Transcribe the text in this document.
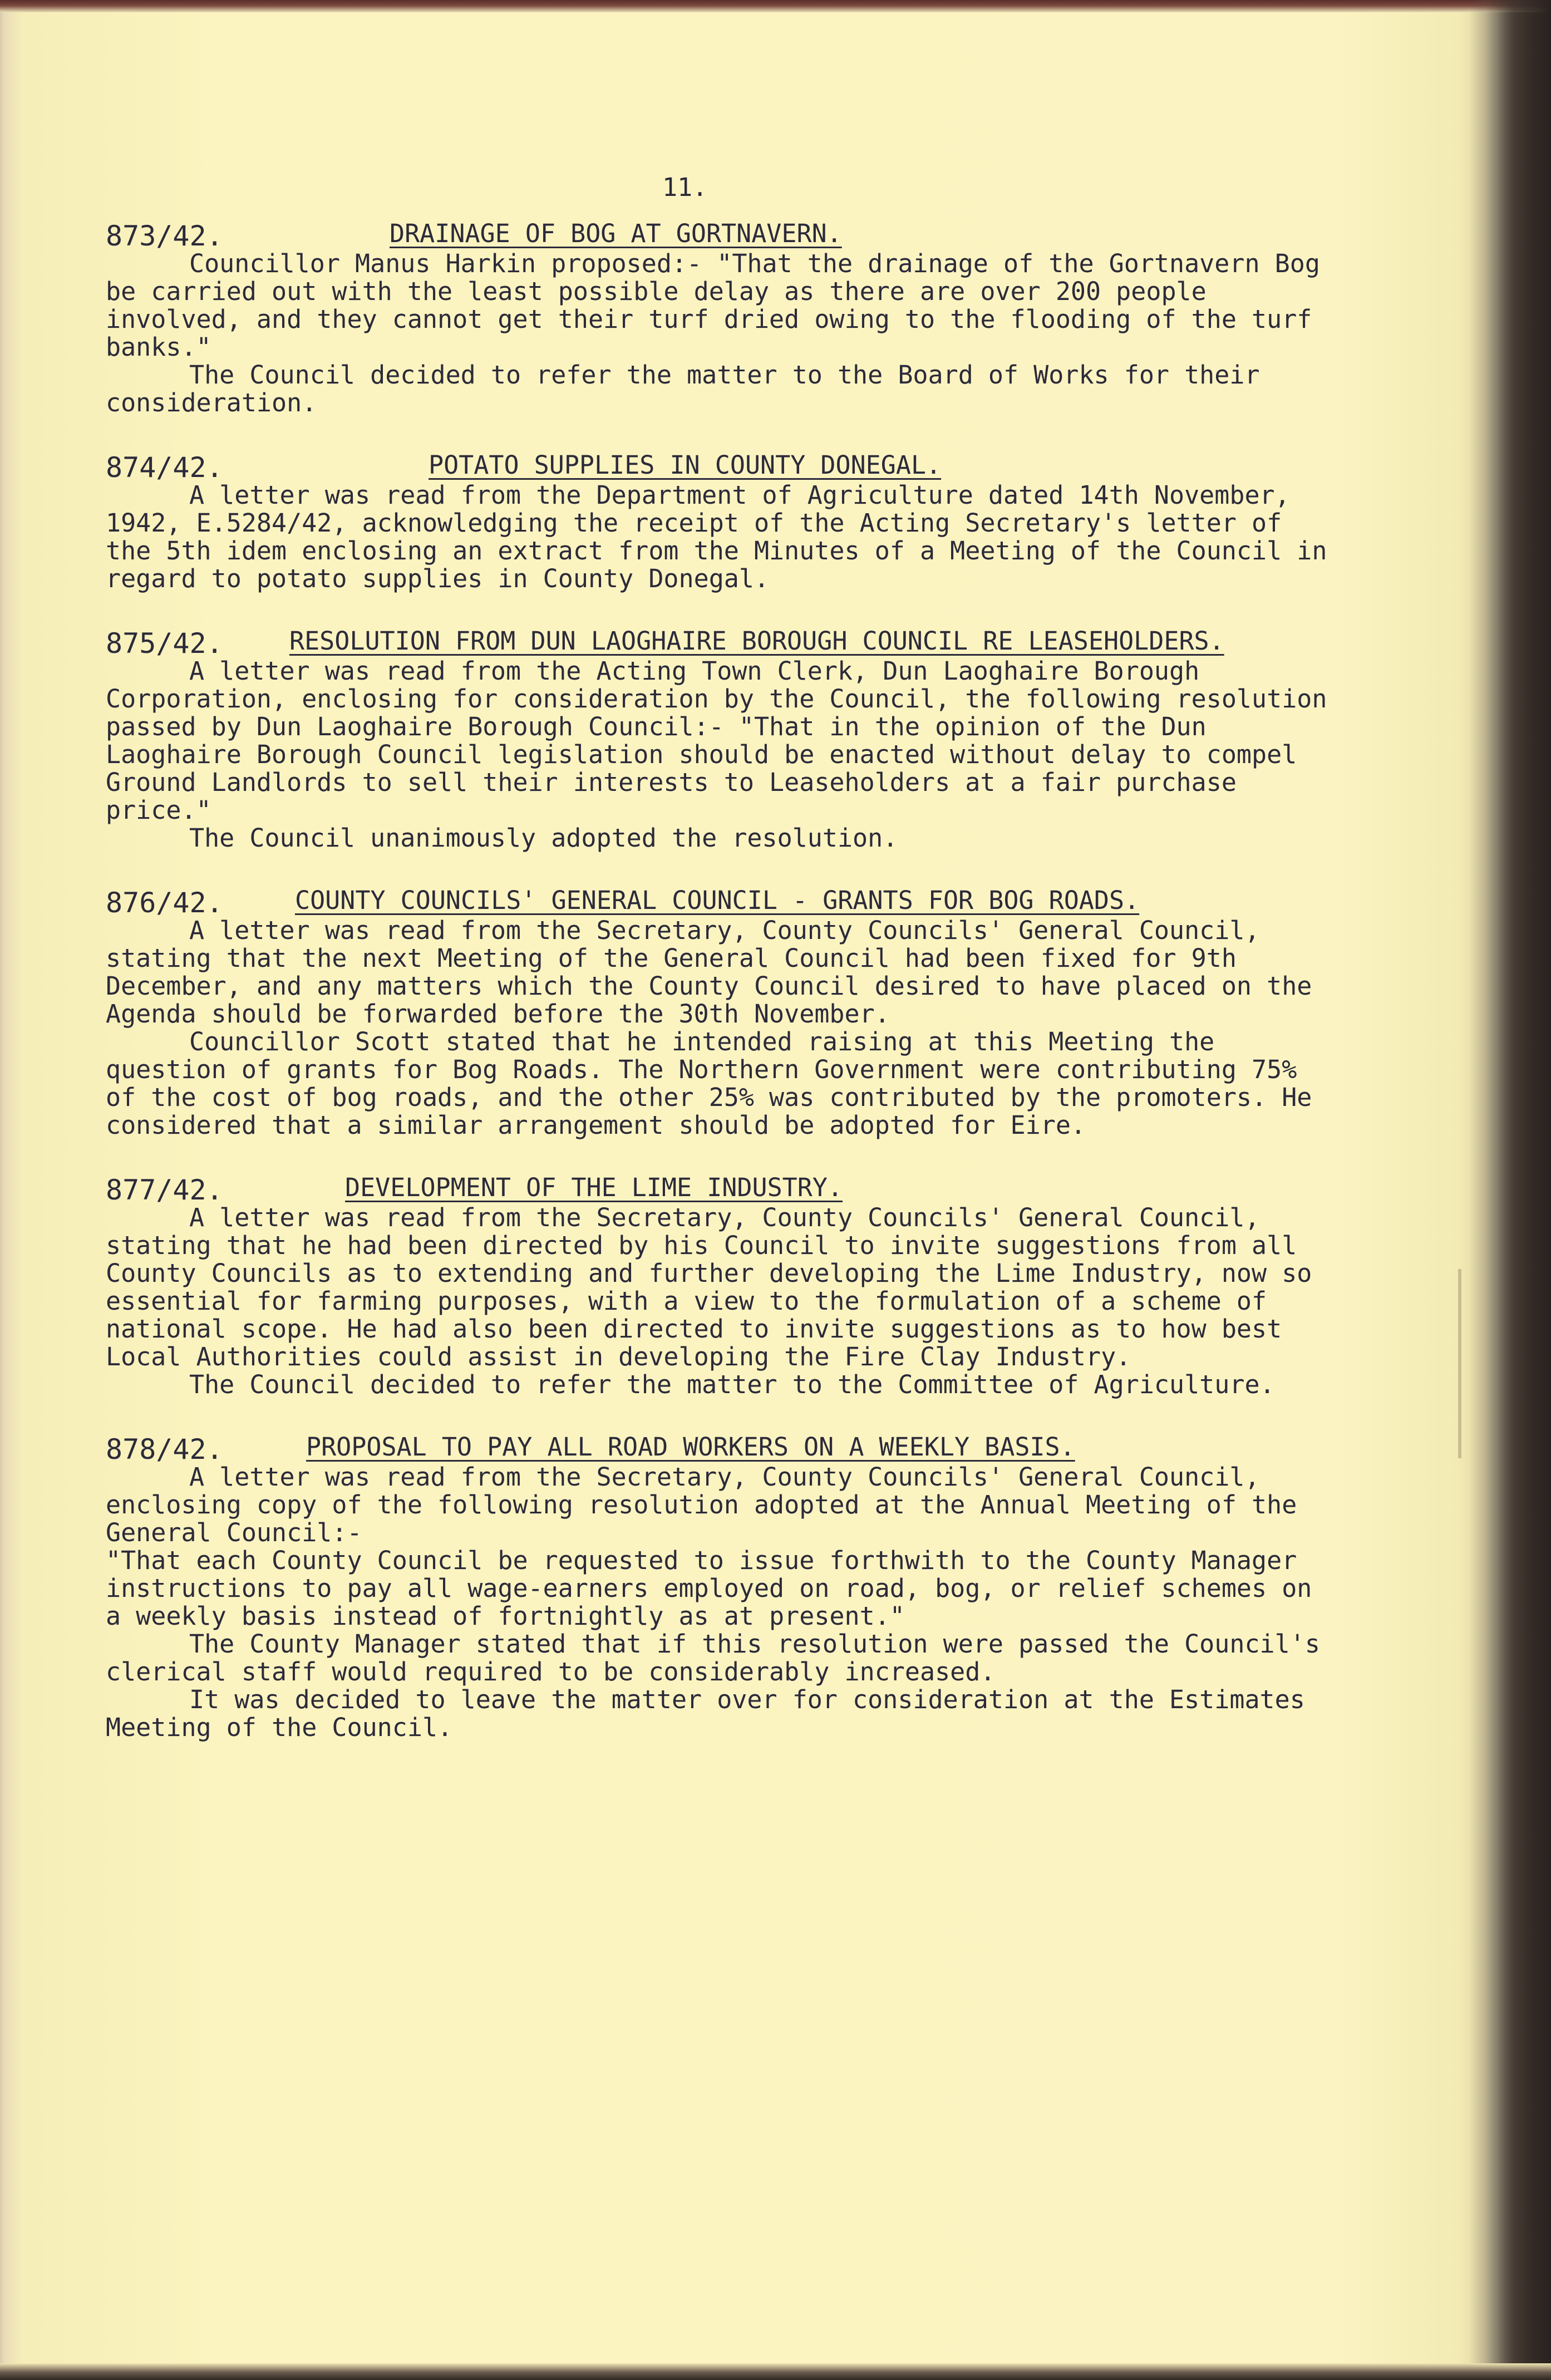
11.
873/42.	DRAINAGE OF BOG AT GORTNAVERN.

Councillor Manus Harkin proposed:- "That the drainage of the Gortnavern Bog be carried out with the least possible delay as there are over 200 people involved, and they cannot get their turf dried owing to the flooding of the turf banks."

The Council decided to refer the matter to the Board of Works for their consideration.

874/42.	POTATO SUPPLIES IN COUNTY DONEGAL.

A letter was read from the Department of Agriculture dated 14th November, 1942, E.5284/42, acknowledging the receipt of the Acting Secretary's letter of the 5th idem enclosing an extract from the Minutes of a Meeting of the Council in regard to potato supplies in County Donegal.

875/42.	RESOLUTION FROM DUN LAOGHAIRE BOROUGH COUNCIL RE LEASEHOLDERS.

A letter was read from the Acting Town Clerk, Dun Laoghaire Borough Corporation, enclosing for consideration by the Council, the following resolution passed by Dun Laoghaire Borough Council:- "That in the opinion of the Dun Laoghaire Borough Council legislation should be enacted without delay to compel Ground Landlords to sell their interests to Leaseholders at a fair purchase price."

The Council unanimously adopted the resolution.

876/42.	COUNTY COUNCILS' GENERAL COUNCIL - GRANTS FOR BOG ROADS.

A letter was read from the Secretary, County Councils' General Council, stating that the next Meeting of the General Council had been fixed for 9th December, and any matters which the County Council desired to have placed on the Agenda should be forwarded before the 30th November.

Councillor Scott stated that he intended raising at this Meeting the question of grants for Bog Roads. The Northern Government were contributing 75% of the cost of bog roads, and the other 25% was contributed by the promoters. He considered that a similar arrangement should be adopted for Eire.

877/42.	DEVELOPMENT OF THE LIME INDUSTRY.

A letter was read from the Secretary, County Councils' General Council, stating that he had been directed by his Council to invite suggestions from all County Councils as to extending and further developing the Lime Industry, now so essential for farming purposes, with a view to the formulation of a scheme of national scope. He had also been directed to invite suggestions as to how best Local Authorities could assist in developing the Fire Clay Industry.

The Council decided to refer the matter to the Committee of Agriculture.

878/42.	PROPOSAL TO PAY ALL ROAD WORKERS ON A WEEKLY BASIS.

A letter was read from the Secretary, County Councils' General Council, enclosing copy of the following resolution adopted at the Annual Meeting of the General Council:-

"That each County Council be requested to issue forthwith to the County Manager instructions to pay all wage-earners employed on road, bog, or relief schemes on a weekly basis instead of fortnightly as at present."

The County Manager stated that if this resolution were passed the Council's clerical staff would required to be considerably increased.

It was decided to leave the matter over for consideration at the Estimates Meeting of the Council.
